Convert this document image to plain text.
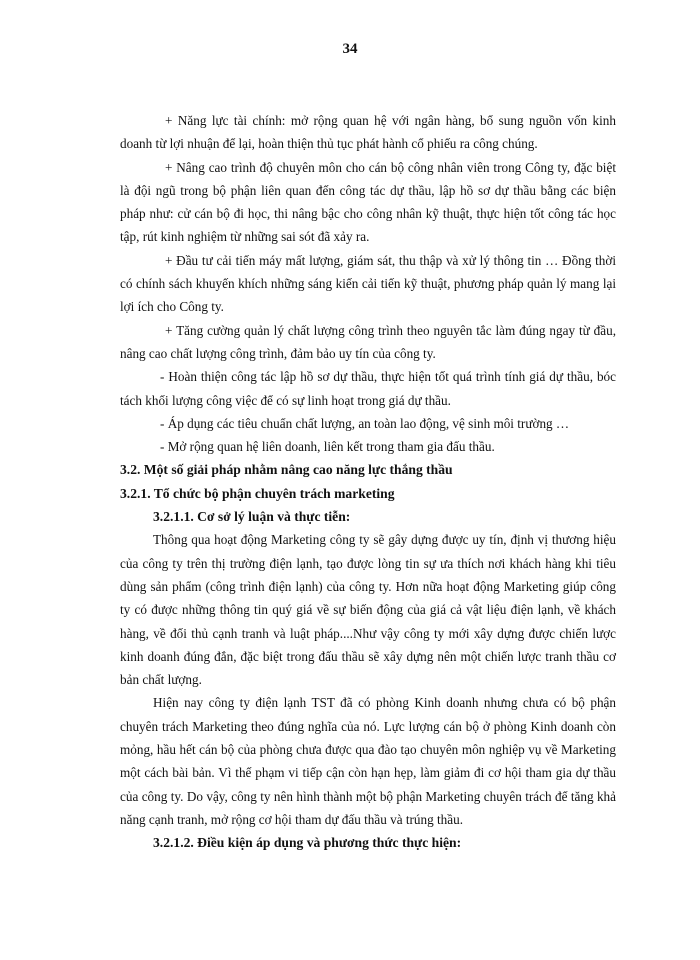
34

+ Năng lực tài chính: mở rộng quan hệ với ngân hàng, bổ sung nguồn vốn kinh doanh từ lợi nhuận để lại, hoàn thiện thủ tục phát hành cổ phiếu ra công chúng.

+ Nâng cao trình độ chuyên môn cho cán bộ công nhân viên trong Công ty, đặc biệt là đội ngũ trong bộ phận liên quan đến công tác dự thầu, lập hồ sơ dự thầu bằng các biện pháp như: cử cán bộ đi học, thi nâng bậc cho công nhân kỹ thuật, thực hiện tốt công tác học tập, rút kinh nghiệm từ những sai sót đã xảy ra.

+ Đầu tư cải tiến máy mất lượng, giám sát, thu thập và xử lý thông tin … Đồng thời có chính sách khuyến khích những sáng kiến cải tiến kỹ thuật, phương pháp quản lý mang lại lợi ích cho Công ty.

+ Tăng cường quản lý chất lượng công trình theo nguyên tắc làm đúng ngay từ đầu, nâng cao chất lượng công trình, đảm bảo uy tín của công ty.

- Hoàn thiện công tác lập hồ sơ dự thầu, thực hiện tốt quá trình tính giá dự thầu, bóc tách khối lượng công việc để có sự linh hoạt trong giá dự thầu.

- Áp dụng các tiêu chuẩn chất lượng, an toàn lao động, vệ sinh môi trường …

- Mở rộng quan hệ liên doanh, liên kết trong tham gia đấu thầu.

3.2. Một số giải pháp nhằm nâng cao năng lực thắng thầu

3.2.1. Tổ chức bộ phận chuyên trách marketing

3.2.1.1. Cơ sở lý luận và thực tiễn:

Thông qua hoạt động Marketing công ty sẽ gây dựng được uy tín, định vị thương hiệu của công ty trên thị trường điện lạnh, tạo được lòng tin sự ưa thích nơi khách hàng khi tiêu dùng sản phẩm (công trình điện lạnh) của công ty. Hơn nữa hoạt động Marketing giúp công ty có được những thông tin quý giá về sự biến động của giá cả vật liệu điện lạnh, về khách hàng, về đối thủ cạnh tranh và luật pháp....Như vậy công ty mới xây dựng được chiến lược kinh doanh đúng đắn, đặc biệt trong đấu thầu sẽ xây dựng nên một chiến lược tranh thầu cơ bản chất lượng.

Hiện nay công ty điện lạnh TST đã có phòng Kinh doanh nhưng chưa có bộ phận chuyên trách Marketing theo đúng nghĩa của nó. Lực lượng cán bộ ở phòng Kinh doanh còn mỏng, hầu hết cán bộ của phòng chưa được qua đào tạo chuyên môn nghiệp vụ về Marketing một cách bài bản. Vì thế phạm vi tiếp cận còn hạn hẹp, làm giảm đi cơ hội tham gia dự thầu của công ty. Do vậy, công ty nên hình thành một bộ phận Marketing chuyên trách để tăng khả năng cạnh tranh, mở rộng cơ hội tham dự đấu thầu và trúng thầu.

3.2.1.2. Điều kiện áp dụng và phương thức thực hiện:
